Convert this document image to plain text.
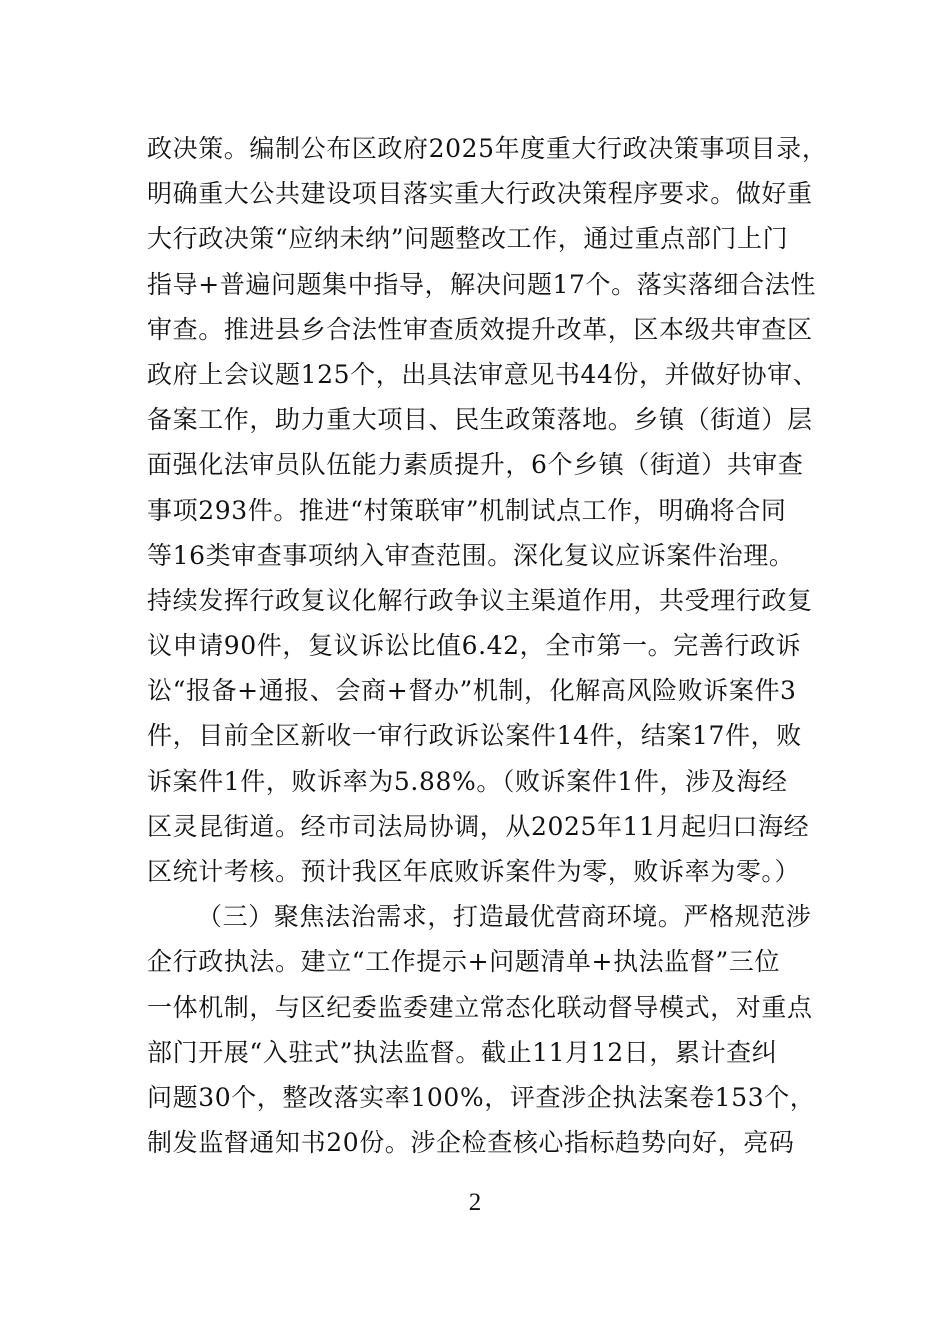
政决策。编制公布区政府2025年度重大行政决策事项目录，
明确重大公共建设项目落实重大行政决策程序要求。做好重
大行政决策“应纳未纳”问题整改工作，通过重点部门上门
指导+普遍问题集中指导，解决问题17个。落实落细合法性
审查。推进县乡合法性审查质效提升改革，区本级共审查区
政府上会议题125个，出具法审意见书44份，并做好协审、
备案工作，助力重大项目、民生政策落地。乡镇（街道）层
面强化法审员队伍能力素质提升，6个乡镇（街道）共审查
事项293件。推进“村策联审”机制试点工作，明确将合同
等16类审查事项纳入审查范围。深化复议应诉案件治理。
持续发挥行政复议化解行政争议主渠道作用，共受理行政复
议申请90件，复议诉讼比值6.42，全市第一。完善行政诉
讼“报备+通报、会商+督办”机制，化解高风险败诉案件3
件，目前全区新收一审行政诉讼案件14件，结案17件，败
诉案件1件，败诉率为5.88%。（败诉案件1件，涉及海经
区灵昆街道。经市司法局协调，从2025年11月起归口海经
区统计考核。预计我区年底败诉案件为零，败诉率为零。）
（三）聚焦法治需求，打造最优营商环境。严格规范涉
企行政执法。建立“工作提示+问题清单+执法监督”三位
一体机制，与区纪委监委建立常态化联动督导模式，对重点
部门开展“入驻式”执法监督。截止11月12日，累计查纠
问题30个，整改落实率100%，评查涉企执法案卷153个，
制发监督通知书20份。涉企检查核心指标趋势向好，亮码
2
